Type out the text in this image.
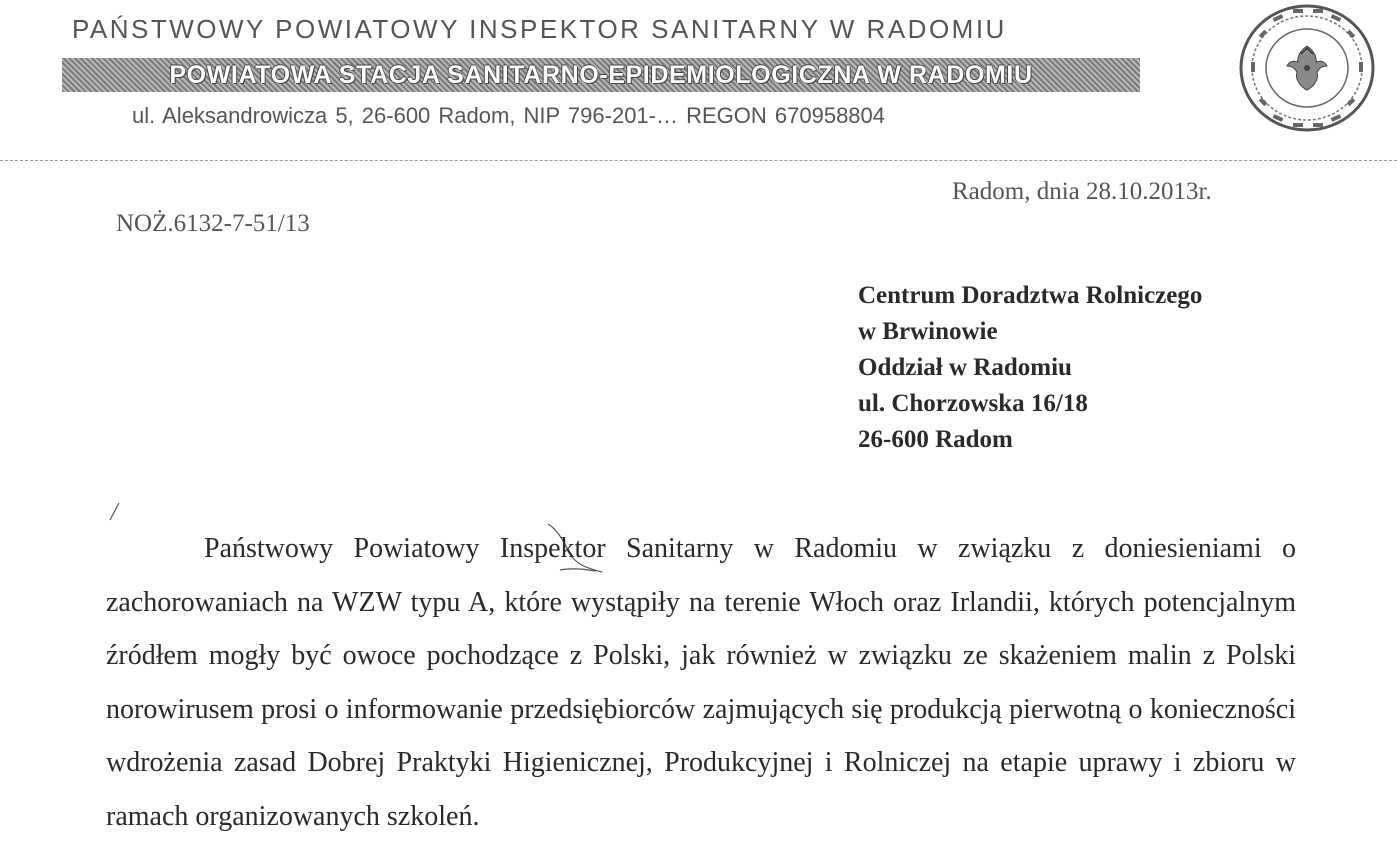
PAŃSTWOWY POWIATOWY INSPEKTOR SANITARNY W RADOMIU
POWIATOWA STACJA SANITARNO-EPIDEMIOLOGICZNA W RADOMIU
ul. Aleksandrowicza 5, 26-600 Radom, NIP 796-201-… REGON 670958804
Radom, dnia 28.10.2013r.
NOŻ.6132-7-51/13
Centrum Doradztwa Rolniczego
w Brwinowie
Oddział w Radomiu
ul. Chorzowska 16/18
26-600 Radom

Państwowy Powiatowy Inspektor Sanitarny w Radomiu w związku z doniesieniami o zachorowaniach na WZW typu A, które wystąpiły na terenie Włoch oraz Irlandii, których potencjalnym źródłem mogły być owoce pochodzące z Polski, jak również w związku ze skażeniem malin z Polski norowirusem prosi o informowanie przedsiębiorców zajmujących się produkcją pierwotną o konieczności wdrożenia zasad Dobrej Praktyki Higienicznej, Produkcyjnej i Rolniczej na etapie uprawy i zbioru w ramach organizowanych szkoleń.
